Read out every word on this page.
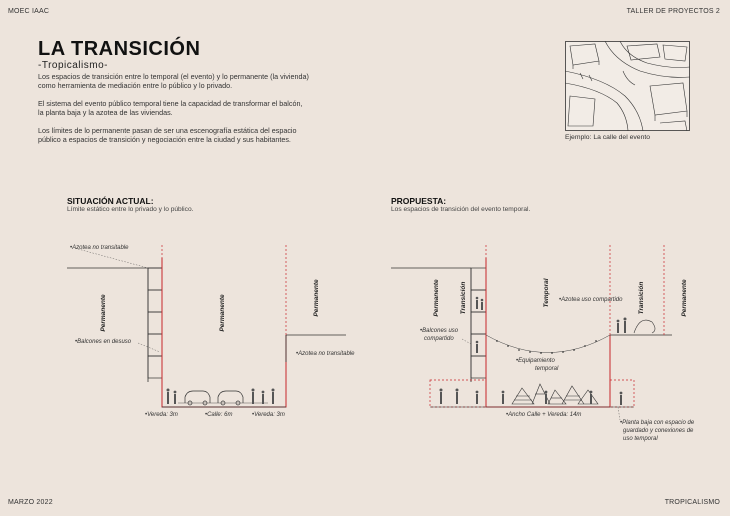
MOEC IAAC	TALLER DE PROYECTOS 2
LA TRANSICIÓN
-Tropicalismo-
Los espacios de transición entre lo temporal (el evento) y lo permanente (la vivienda)
como herramienta de mediación entre lo público y lo privado.
El sistema del evento público temporal tiene la capacidad de transformar el balcón,
la planta baja y la azotea de las viviendas.
Los límites de lo permanente pasan de ser una escenografía estática del espacio
público a espacios de transición y negociación entre la ciudad y sus habitantes.	Ejemplo: La calle del evento
SITUACIÓN ACTUAL:
Límite estático entre lo privado y lo público.
PROPUESTA:
Los espacios de transición del evento temporal.
Permanente	Permanente	Permanente
•Azotea no transitable
•Balcones en desuso
•Azotea no transitable
•Vereda: 3m	•Calle: 6m	•Vereda: 3m
Permanente	Transición	Temporal	Transición	Permanente
•Azotea uso compartido
•Balcones uso
compartido
•Equipamiento
temporal
•Ancho Calle + Vereda: 14m
•Planta baja con espacio de
guardado y conexiones de
uso temporal
MARZO 2022	TROPICALISMO
